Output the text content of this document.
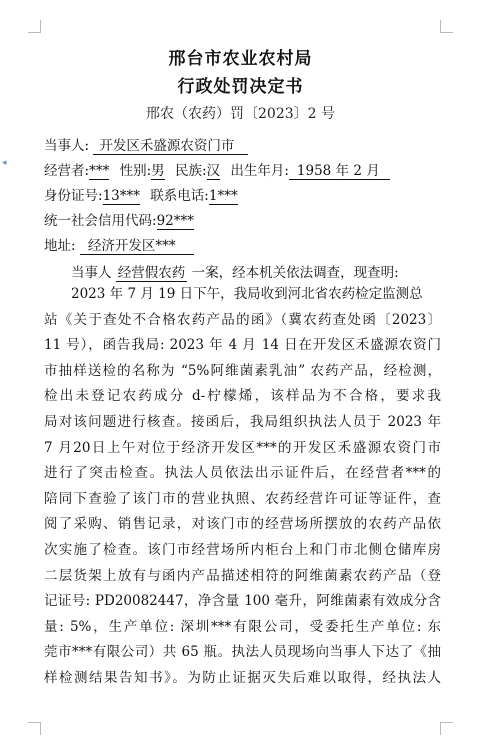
◂
邢台市农业农村局
行政处罚决定书
邢农（农药）罚〔2023〕2 号
当事人: 开发区禾盛源农资门市
经营者:*** 性别:男 民族:汉 出生年月: 1958 年 2 月
身份证号:13*** 联系电话:1***
统一社会信用代码:92***
地址: 经济开发区***
当事人 经营假农药 一案，经本机关依法调查，现查明:
2023 年 7 月 19 日下午，我局收到河北省农药检定监测总
站《关于查处不合格农药产品的函》（冀农药查处函〔2023〕
11 号），函告我局: 2023 年 4 月 14 日在开发区禾盛源农资门
市抽样送检的名称为 “5%阿维菌素乳油” 农药产品，经检测，
检出未登记农药成分 d-柠檬烯，该样品为不合格，要求我
局对该问题进行核查。接函后，我局组织执法人员于 2023 年
7 月20日上午对位于经济开发区***的开发区禾盛源农资门市
进行了突击检查。执法人员依法出示证件后，在经营者***的
陪同下查验了该门市的营业执照、农药经营许可证等证件，查
阅了采购、销售记录，对该门市的经营场所摆放的农药产品依
次实施了检查。该门市经营场所内柜台上和门市北侧仓储库房
二层货架上放有与函内产品描述相符的阿维菌素农药产品（登
记证号: PD20082447，净含量 100 毫升，阿维菌素有效成分含
量: 5%，生产单位: 深圳***有限公司，受委托生产单位: 东
莞市***有限公司）共 65 瓶。执法人员现场向当事人下达了《抽
样检测结果告知书》。为防止证据灭失后难以取得，经执法人
